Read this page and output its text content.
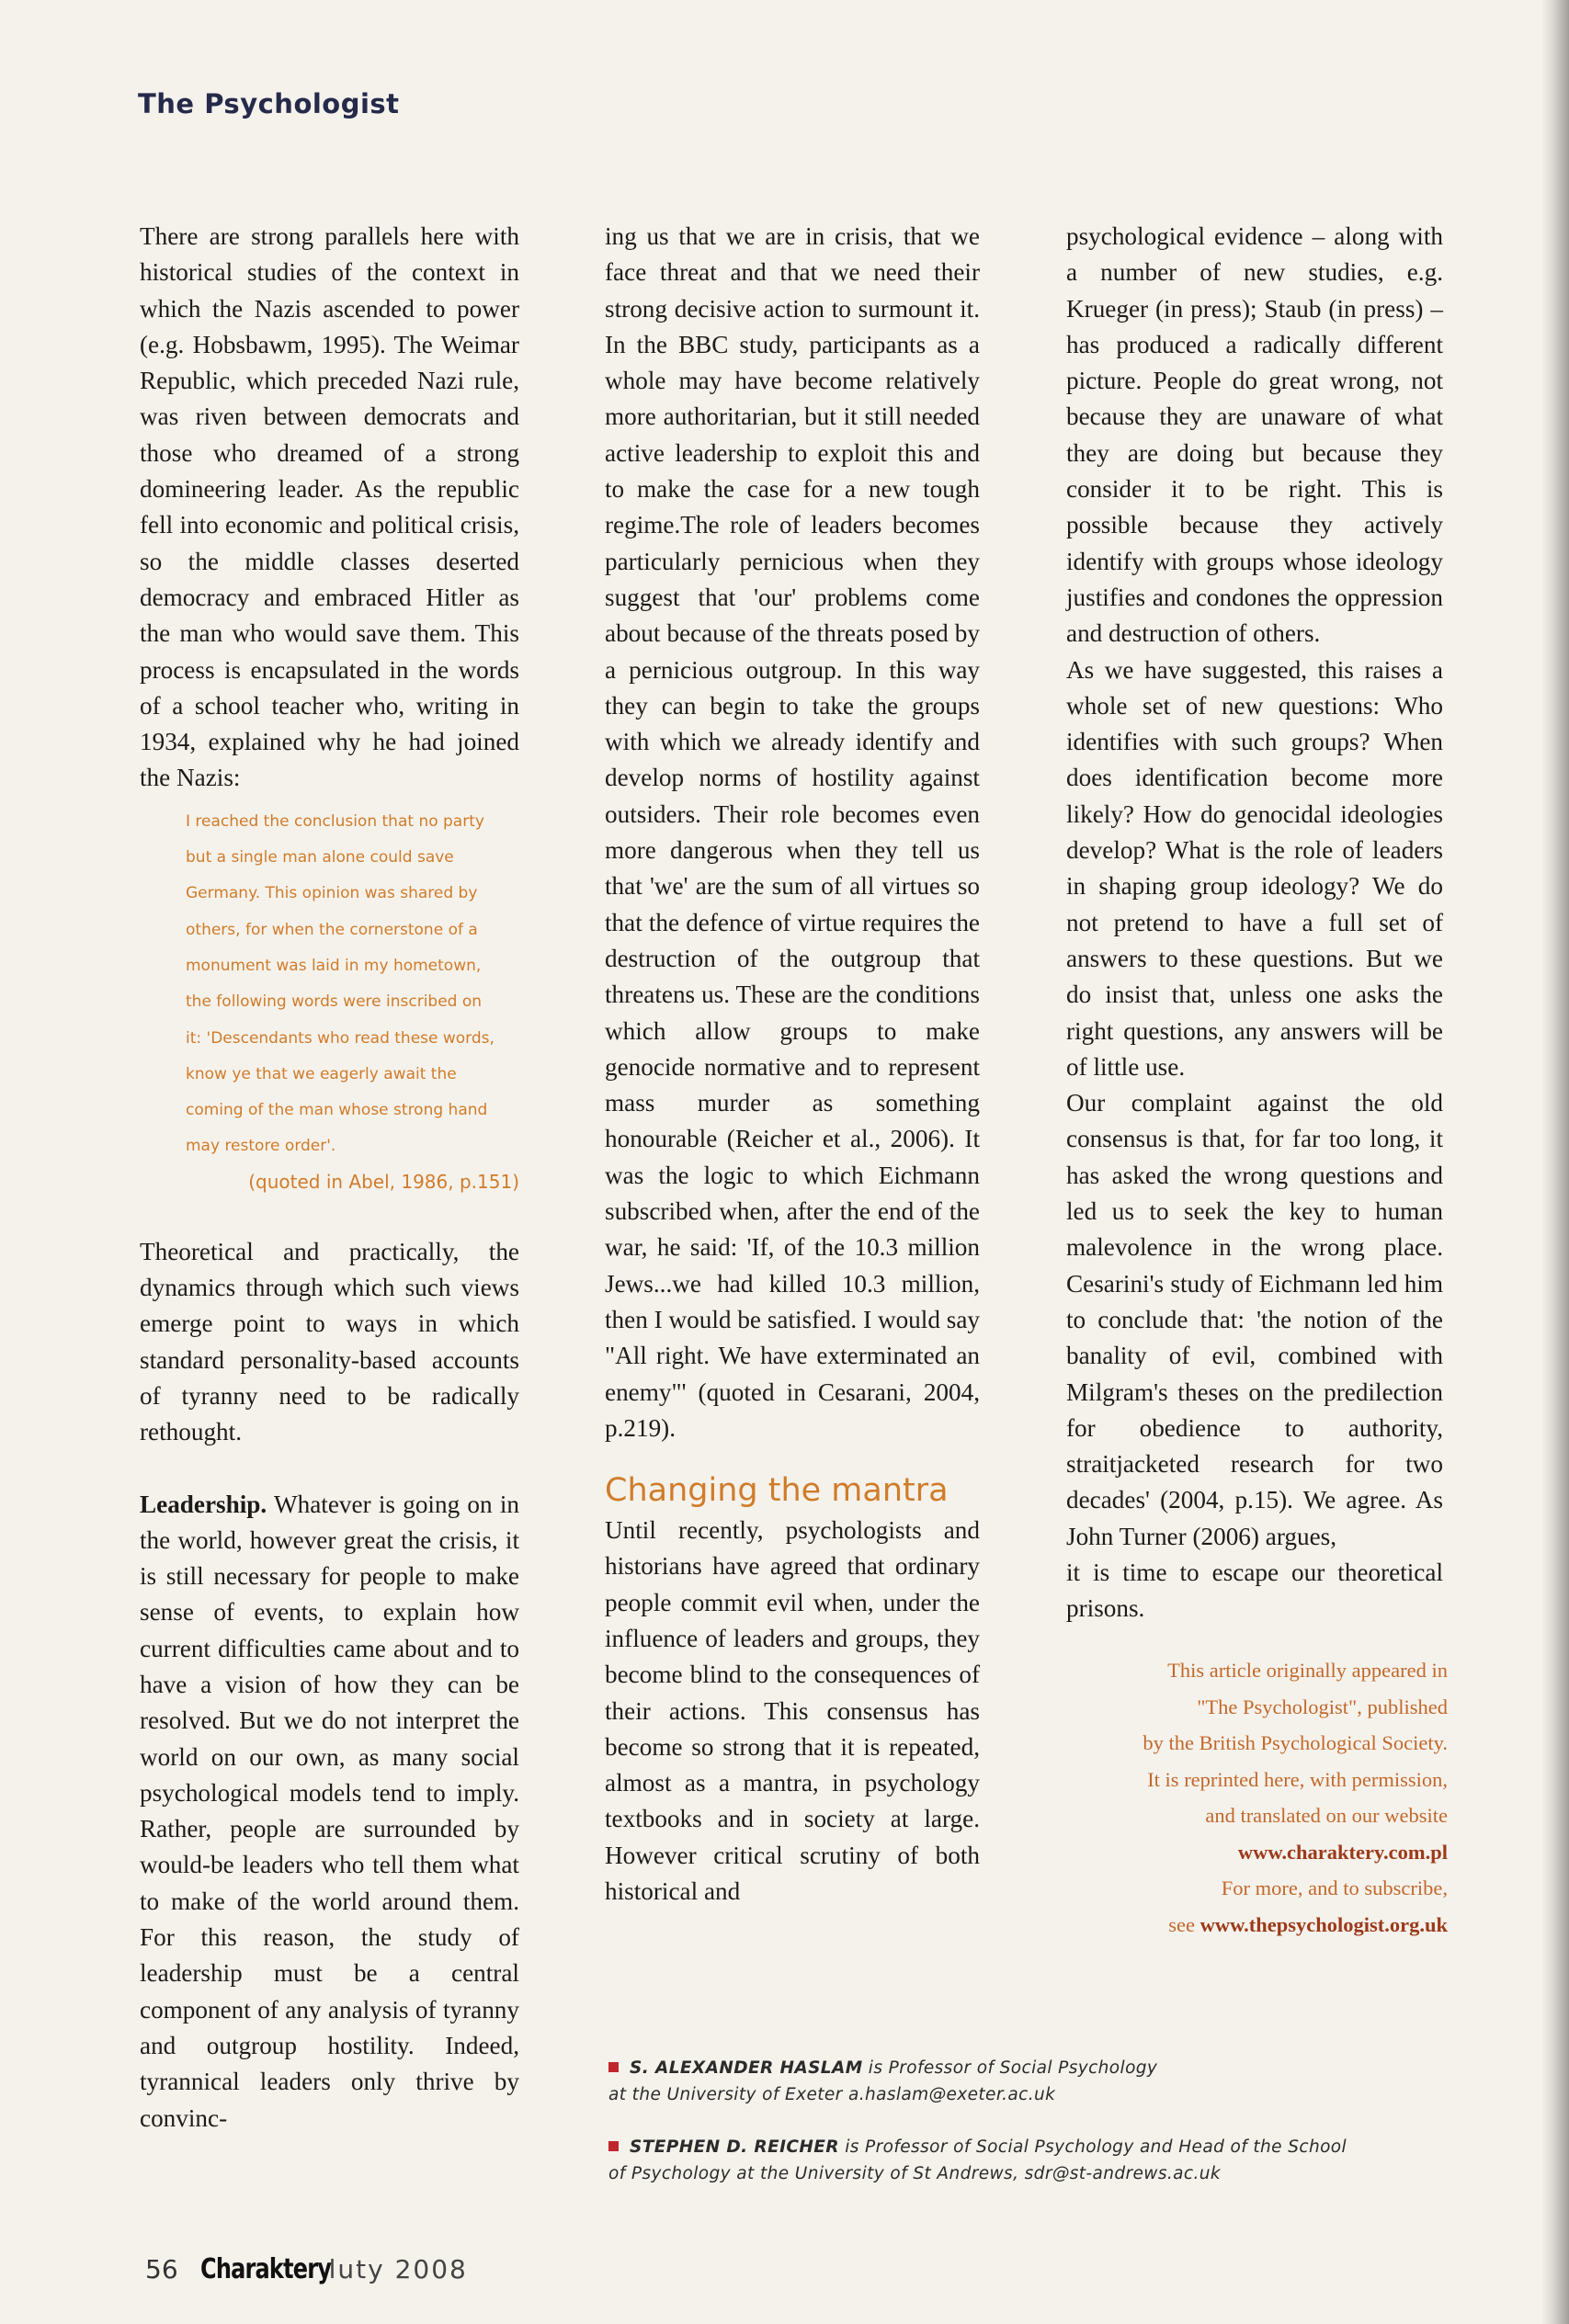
The Psychologist

There are strong parallels here with historical studies of the context in which the Nazis ascended to power (e.g. Hobsbawm, 1995). The Weimar Republic, which preceded Nazi rule, was riven between democrats and those who dreamed of a strong domineering leader. As the republic fell into economic and political crisis, so the middle classes deserted democracy and embraced Hitler as the man who would save them. This process is encapsulated in the words of a school teacher who, writing in 1934, explained why he had joined the Nazis:

I reached the conclusion that no party but a single man alone could save Germany. This opinion was shared by others, for when the cornerstone of a monument was laid in my hometown, the following words were inscribed on it: 'Descendants who read these words, know ye that we eagerly await the coming of the man whose strong hand may restore order'.
(quoted in Abel, 1986, p.151)

Theoretical and practically, the dynamics through which such views emerge point to ways in which standard personality-based accounts of tyranny need to be radically rethought.

Leadership. Whatever is going on in the world, however great the crisis, it is still necessary for people to make sense of events, to explain how current difficulties came about and to have a vision of how they can be resolved. But we do not interpret the world on our own, as many social psychological models tend to imply. Rather, people are surrounded by would-be leaders who tell them what to make of the world around them. For this reason, the study of leadership must be a central component of any analysis of tyranny and outgroup hostility. Indeed, tyrannical leaders only thrive by convinc-

ing us that we are in crisis, that we face threat and that we need their strong decisive action to surmount it. In the BBC study, participants as a whole may have become relatively more authoritarian, but it still needed active leadership to exploit this and to make the case for a new tough regime.The role of leaders becomes particularly pernicious when they suggest that 'our' problems come about because of the threats posed by a pernicious outgroup. In this way they can begin to take the groups with which we already identify and develop norms of hostility against outsiders. Their role becomes even more dangerous when they tell us that 'we' are the sum of all virtues so that the defence of virtue requires the destruction of the outgroup that threatens us. These are the conditions which allow groups to make genocide normative and to represent mass murder as something honourable (Reicher et al., 2006). It was the logic to which Eichmann subscribed when, after the end of the war, he said: 'If, of the 10.3 million Jews...we had killed 10.3 million, then I would be satisfied. I would say "All right. We have exterminated an enemy"' (quoted in Cesarani, 2004, p.219).

Changing the mantra

Until recently, psychologists and historians have agreed that ordinary people commit evil when, under the influence of leaders and groups, they become blind to the consequences of their actions. This consensus has become so strong that it is repeated, almost as a mantra, in psychology textbooks and in society at large. However critical scrutiny of both historical and

psychological evidence – along with a number of new studies, e.g. Krueger (in press); Staub (in press) – has produced a radically different picture. People do great wrong, not because they are unaware of what they are doing but because they consider it to be right. This is possible because they actively identify with groups whose ideology justifies and condones the oppression and destruction of others.

As we have suggested, this raises a whole set of new questions: Who identifies with such groups? When does identification become more likely? How do genocidal ideologies develop? What is the role of leaders in shaping group ideology? We do not pretend to have a full set of answers to these questions. But we do insist that, unless one asks the right questions, any answers will be of little use.

Our complaint against the old consensus is that, for far too long, it has asked the wrong questions and led us to seek the key to human malevolence in the wrong place. Cesarini's study of Eichmann led him to conclude that: 'the notion of the banality of evil, combined with Milgram's theses on the predilection for obedience to authority, straitjacketed research for two decades' (2004, p.15). We agree. As John Turner (2006) argues,

it is time to escape our theoretical prisons.

This article originally appeared in
"The Psychologist", published
by the British Psychological Society.
It is reprinted here, with permission,
and translated on our website
www.charaktery.com.pl
For more, and to subscribe,
see www.thepsychologist.org.uk
S. ALEXANDER HASLAM is Professor of Social Psychology
at the University of Exeter a.haslam@exeter.ac.uk
STEPHEN D. REICHER is Professor of Social Psychology and Head of the School
of Psychology at the University of St Andrews, sdr@st-andrews.ac.uk
56 Charaktery
luty 2008
